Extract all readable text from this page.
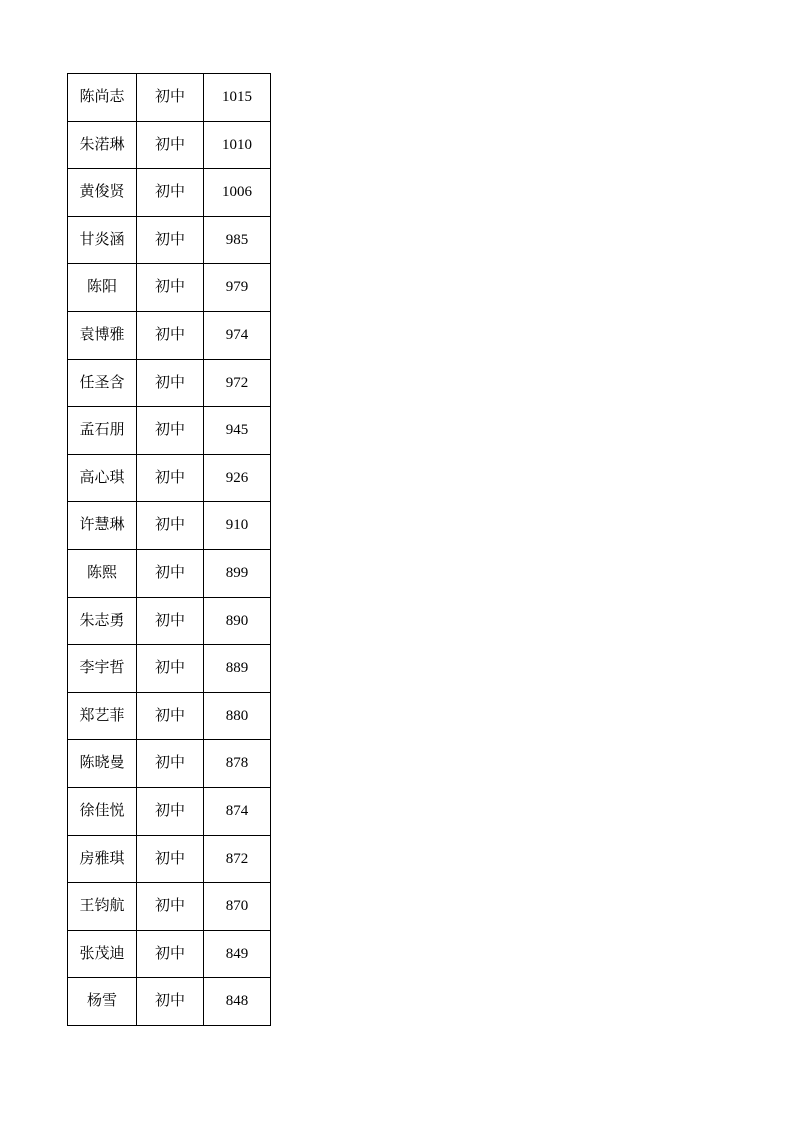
陈尚志	初中	1015
朱渃琳	初中	1010
黄俊贤	初中	1006
甘炎涵	初中	985
陈阳	初中	979
袁博雅	初中	974
任圣含	初中	972
孟石朋	初中	945
高心琪	初中	926
许慧琳	初中	910
陈熙	初中	899
朱志勇	初中	890
李宇哲	初中	889
郑艺菲	初中	880
陈晓曼	初中	878
徐佳悦	初中	874
房雅琪	初中	872
王钧航	初中	870
张茂迪	初中	849
杨雪	初中	848
